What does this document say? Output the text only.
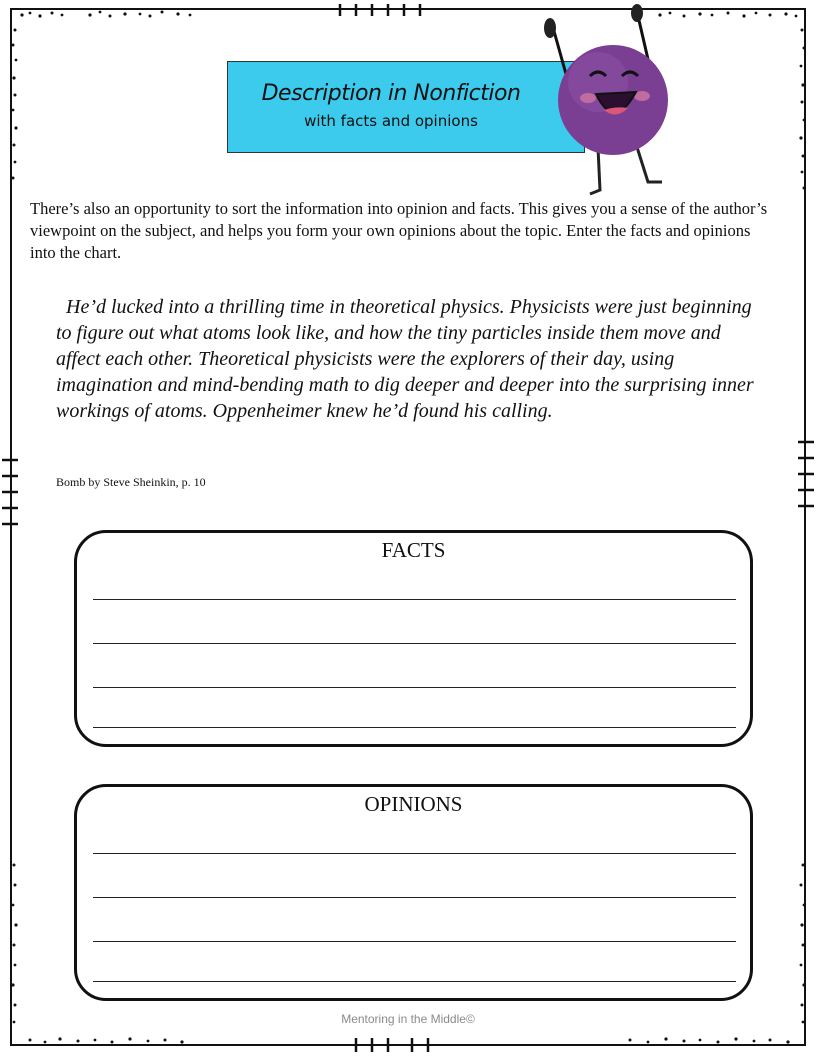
Description in Nonfiction
with facts and opinions

There’s also an opportunity to sort the information into opinion and facts. This gives you a sense of the author’s viewpoint on the subject, and helps you form your own opinions about the topic. Enter the facts and opinions into the chart.

He’d lucked into a thrilling time in theoretical physics. Physicists were just beginning to figure out what atoms look like, and how the tiny particles inside them move and affect each other. Theoretical physicists were the explorers of their day, using imagination and mind-bending math to dig deeper and deeper into the surprising inner workings of atoms. Oppenheimer knew he’d found his calling.

Bomb by Steve Sheinkin, p. 10
FACTS
OPINIONS
Mentoring in the Middle©
